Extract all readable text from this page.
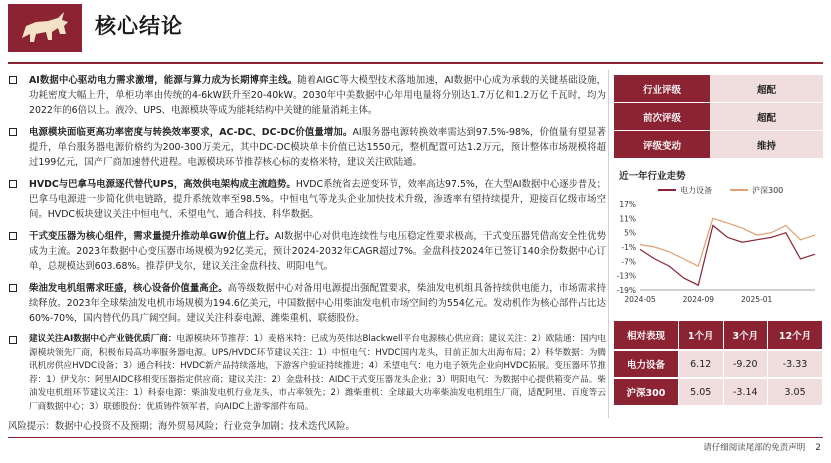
核心结论
AI数据中心驱动电力需求激增，能源与算力成为长期博弈主线。随着AIGC等大模型技术落地加速，AI数据中心成为承载的关键基础设施，功耗密度大幅上升，单柜功率由传统的4-6kW跃升至20-40kW。2030年中美数据中心年用电量将分别达1.7万亿和1.2万亿千瓦时，均为2022年的6倍以上。液冷、UPS、电源模块等成为能耗结构中关键的能量消耗主体。
电源模块面临更高功率密度与转换效率要求，AC-DC、DC-DC价值量增加。AI服务器电源转换效率需达到97.5%-98%，价值量有望显著提升，单台服务器电源价格约为200-300万美元，其中DC-DC模块单卡价值已达1550元，整机配置可达1.2万元，预计整体市场规模将超过199亿元，国产厂商加速替代进程。电源模块环节推荐核心标的麦格米特，建议关注欧陆通。
HVDC与巴拿马电源逐代替代UPS，高效供电架构成主流趋势。HVDC系统省去逆变环节，效率高达97.5%，在大型AI数据中心逐步普及；巴拿马电源进一步简化供电链路，提升系统效率至98.5%。中恒电气等龙头企业加快技术升级，渗透率有望持续提升，迎接百亿级市场空间。HVDC板块建议关注中恒电气、禾望电气、通合科技、科华数据。
干式变压器为核心组件，需求量提升推动单GW价值上行。AI数据中心对供电连续性与电压稳定性要求极高，干式变压器凭借高安全性优势成为主流。2023年数据中心变压器市场规模为92亿美元，预计2024-2032年CAGR超过7%。金盘科技2024年已签订140余份数据中心订单，总规模达到603.68%。推荐伊戈尔，建议关注金盘科技、明阳电气。
柴油发电机组需求旺盛，核心设备价值量高企。高等级数据中心对备用电源提出强配置要求，柴油发电机组具备持续供电能力，市场需求持续释放。2023年全球柴油发电机市场规模为194.6亿美元，中国数据中心用柴油发电机市场空间约为554亿元。发动机作为核心部件占比达60%-70%，国内替代仍具广阔空间。建议关注科泰电源、潍柴重机、联德股份。
建议关注AI数据中心产业链优质厂商：电源模块环节推荐：1）麦格米特：已成为英伟达Blackwell平台电源核心供应商；建议关注：2）欧陆通：国内电源模块领先厂商，积极布局高功率服务器电源。UPS/HVDC环节建议关注：1）中恒电气：HVDC国内龙头，目前正加大出海布局；2）科华数据：为腾讯机房供应HVDC设备；3）通合科技：HVDC新产品持续落地，下游客户验证持续推进；4）禾望电气：电力电子领先企业向HVDC拓展。变压器环节推荐：1）伊戈尔：阿里AIDC移相变压器指定供应商；建议关注：2）金盘科技：AIDC干式变压器龙头企业；3）明阳电气：为数据中心提供箱变产品。柴油发电机组环节建议关注：1）科泰电源：柴油发电机行业龙头，市占率领先；2）潍柴重机：全球最大功率柴油发电机组生厂商，适配阿里、百度等云厂商数据中心；3）联德股份：优质铸件领军者，向AIDC上游零部件布局。
风险提示：数据中心投资不及预期；海外贸易风险；行业竞争加剧；技术迭代风险。
行业评级	超配
前次评级	超配
评级变动	维持
近一年行业走势
电力设备	沪深300
17%
11%
5%
-1%
-7%
-13%
-19%
2024-05	2024-09	2025-01
相对表现	1个月	3个月	12个月
电力设备	6.12	-9.20	-3.33
沪深300	5.05	-3.14	3.05
请仔细阅读尾部的免责声明 2
